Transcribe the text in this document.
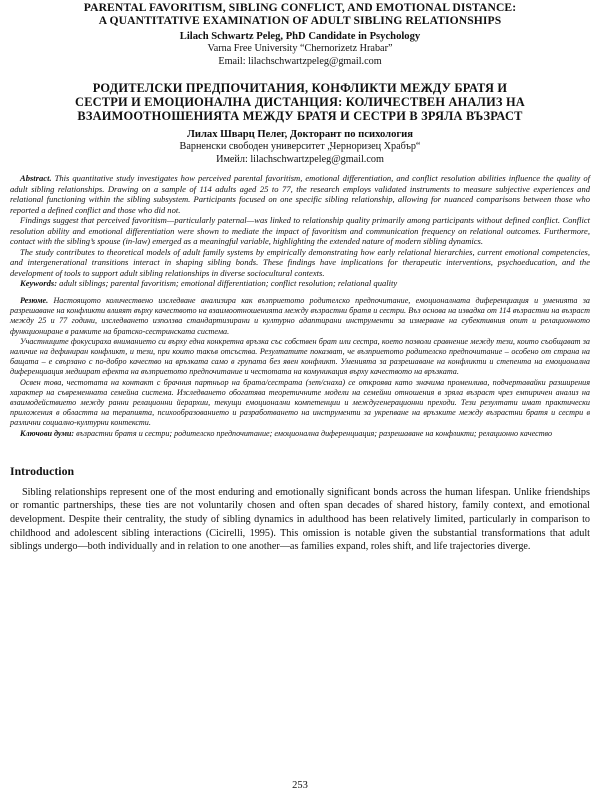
PARENTAL FAVORITISM, SIBLING CONFLICT, AND EMOTIONAL DISTANCE:
A QUANTITATIVE EXAMINATION OF ADULT SIBLING RELATIONSHIPS
Lilach Schwartz Peleg, PhD Candidate in Psychology
Varna Free University “Chernorizetz Hrabar”
Email: lilachschwartzpeleg@gmail.com
РОДИТЕЛСКИ ПРЕДПОЧИТАНИЯ, КОНФЛИКТИ МЕЖДУ БРАТЯ И
СЕСТРИ И ЕМОЦИОНАЛНА ДИСТАНЦИЯ: КОЛИЧЕСТВЕН АНАЛИЗ НА
ВЗАИМООТНОШЕНИЯТА МЕЖДУ БРАТЯ И СЕСТРИ В ЗРЯЛА ВЪЗРАСТ
Лилах Шварц Пелег, Докторант по психология
Варненски свободен университет „Черноризец Храбър“
Имейл: lilachschwartzpeleg@gmail.com

Abstract. This quantitative study investigates how perceived parental favoritism, emotional differentiation, and conflict resolution abilities influence the quality of adult sibling relationships. Drawing on a sample of 114 adults aged 25 to 77, the research employs validated instruments to measure subjective experiences and relational functioning within the sibling subsystem. Participants focused on one specific sibling relationship, allowing for nuanced comparisons between those who reported a defined conflict and those who did not.

Findings suggest that perceived favoritism—particularly paternal—was linked to relationship quality primarily among participants without defined conflict. Conflict resolution ability and emotional differentiation were shown to mediate the impact of favoritism and communication frequency on relational outcomes. Furthermore, contact with the sibling’s spouse (in-law) emerged as a meaningful variable, highlighting the extended nature of modern sibling dynamics.

The study contributes to theoretical models of adult family systems by empirically demonstrating how early relational hierarchies, current emotional competencies, and intergenerational transitions interact in shaping sibling bonds. These findings have implications for therapeutic interventions, psychoeducation, and the development of tools to support adult sibling relationships in diverse sociocultural contexts.

Keywords: adult siblings; parental favoritism; emotional differentiation; conflict resolution; relational quality

Резюме. Настоящото количествено изследване анализира как възприетото родителско предпочитание, емоционалната диференциация и уменията за разрешаване на конфликти влияят върху качеството на взаимоотношенията между възрастни братя и сестри. Въз основа на извадка от 114 възрастни на възраст между 25 и 77 години, изследването използва стандартизирани и културно адаптирани инструменти за измерване на субективния опит и релационното функциониране в рамките на братско-сестринската система.

Участниците фокусираха вниманието си върху една конкретна връзка със собствен брат или сестра, което позволи сравнение между тези, които съобщават за наличие на дефиниран конфликт, и тези, при които такъв отсъства. Резултатите показват, че възприетото родителско предпочитание – особено от страна на бащата – е свързано с по-добро качество на връзката само в групата без явен конфликт. Уменията за разрешаване на конфликти и степента на емоционална диференциация медиират ефекта на възприетото предпочитание и честотата на комуникация върху качеството на връзката.

Освен това, честотата на контакт с брачния партньор на брата/сестрата (зет/снаха) се откроява като значима променлива, подчертавайки разширения характер на съвременната семейна система. Изследването обогатява теоретичните модели на семейни отношения в зряла възраст чрез емпиричен анализ на взаимодействието между ранни релационни йерархии, текущи емоционални компетенции и междугенерационни преходи. Тези резултати имат практически приложения в областта на терапията, психообразованието и разработването на инструменти за укрепване на връзките между възрастни братя и сестри в различни социално-културни контексти.

Ключови думи: възрастни братя и сестри; родителско предпочитание; емоционална диференциация; разрешаване на конфликти; релационно качество

Introduction

Sibling relationships represent one of the most enduring and emotionally significant bonds across the human lifespan. Unlike friendships or romantic partnerships, these ties are not voluntarily chosen and often span decades of shared history, family context, and emotional development. Despite their centrality, the study of sibling dynamics in adulthood has been relatively limited, particularly in comparison to childhood and adolescent sibling interactions (Cicirelli, 1995). This omission is notable given the substantial transformations that adult siblings undergo—both individually and in relation to one another—as families expand, roles shift, and life trajectories diverge.

253
